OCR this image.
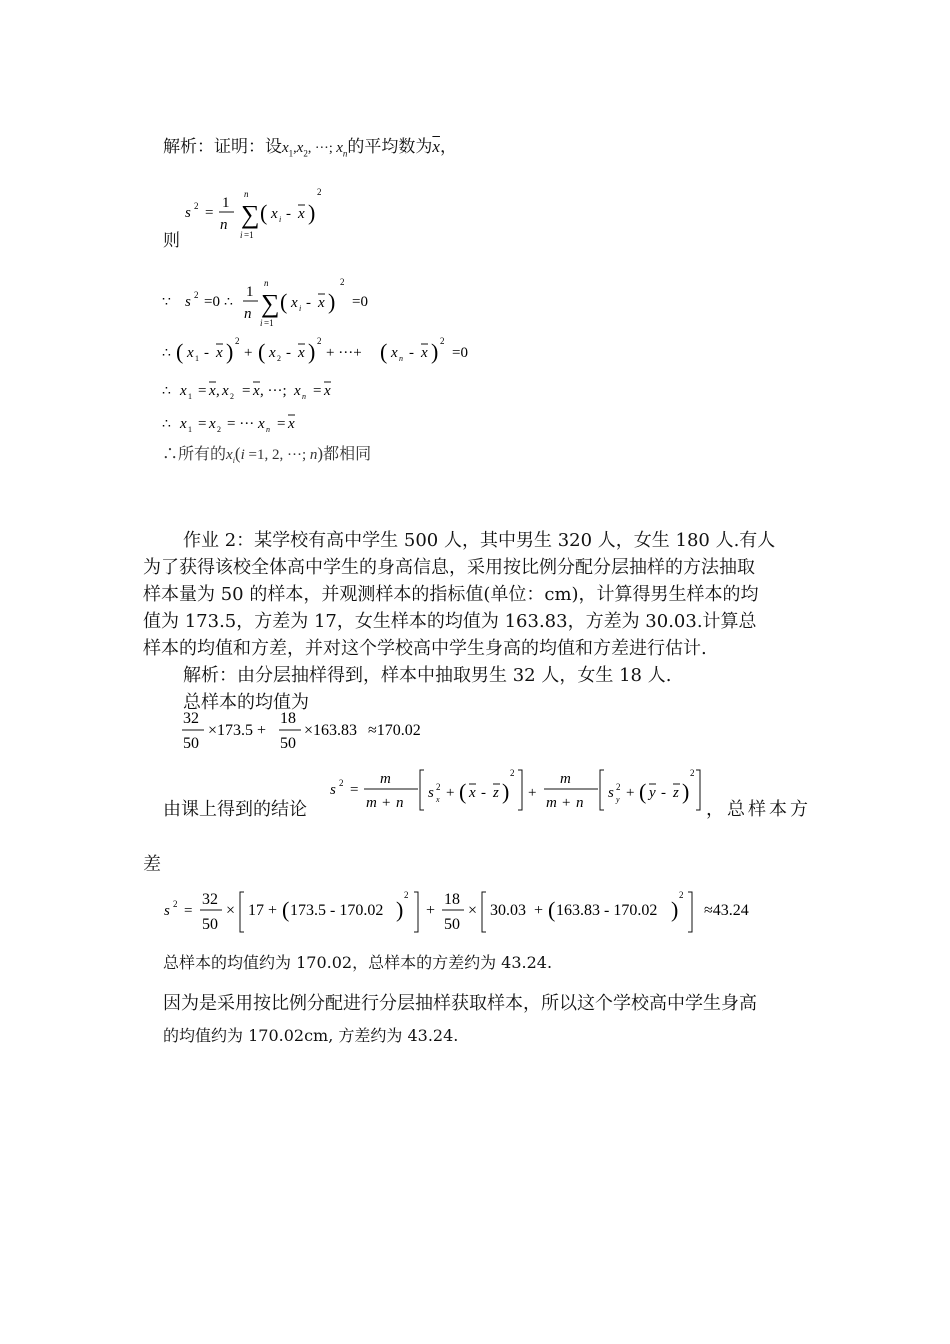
解析：证明：设$x_1,x_2$, ···; $x_n$的平均数为$\overline{x}$，
s 2 =
1
n ∑
n
i =1
( x i - x )
2
则
∵ s 2 =0 ∴
1
n ∑
n
i =1
( x i - x )
2
=0
∴ ( x 1 - x ) 2
+ ( x 2 - x ) 2
+ ···+ ( x n - x ) 2
=0
∴ x 1 = x , x 2 = x , ···; x n = x
∴ x 1 = x 2 = ··· x n = x
∴所有的$x_i(i =1$, 2, ···; n)都相同
作业 2：某学校有高中学生 500 人，其中男生 320 人，女生 180 人.有人
为了获得该校全体高中学生的身高信息，采用按比例分配分层抽样的方法抽取
样本量为 50 的样本，并观测样本的指标值(单位：cm)，计算得男生样本的均
值为 173.5，方差为 17，女生样本的均值为 163.83，方差为 30.03.计算总
样本的均值和方差，并对这个学校高中学生身高的均值和方差进行估计.
解析：由分层抽样得到，样本中抽取男生 32 人，女生 18 人.
总样本的均值为
32
50
×173.5 +
18
50
×163.83 ≈170.02
由课上得到的结论
s 2 =
m
m + n
s 2
x + ( x - z )
2
+
m
m + n
s 2
y + ( y - z )
2
，总样本方
差
s 2 =
32
50
× 17 + ( 173.5 - 170.02 )
2
+
18
50
× 30.03 + ( 163.83 - 170.02 )
2
≈43.24
总样本的均值约为 170.02，总样本的方差约为 43.24.
因为是采用按比例分配进行分层抽样获取样本，所以这个学校高中学生身高
的均值约为 170.02cm, 方差约为 43.24.
